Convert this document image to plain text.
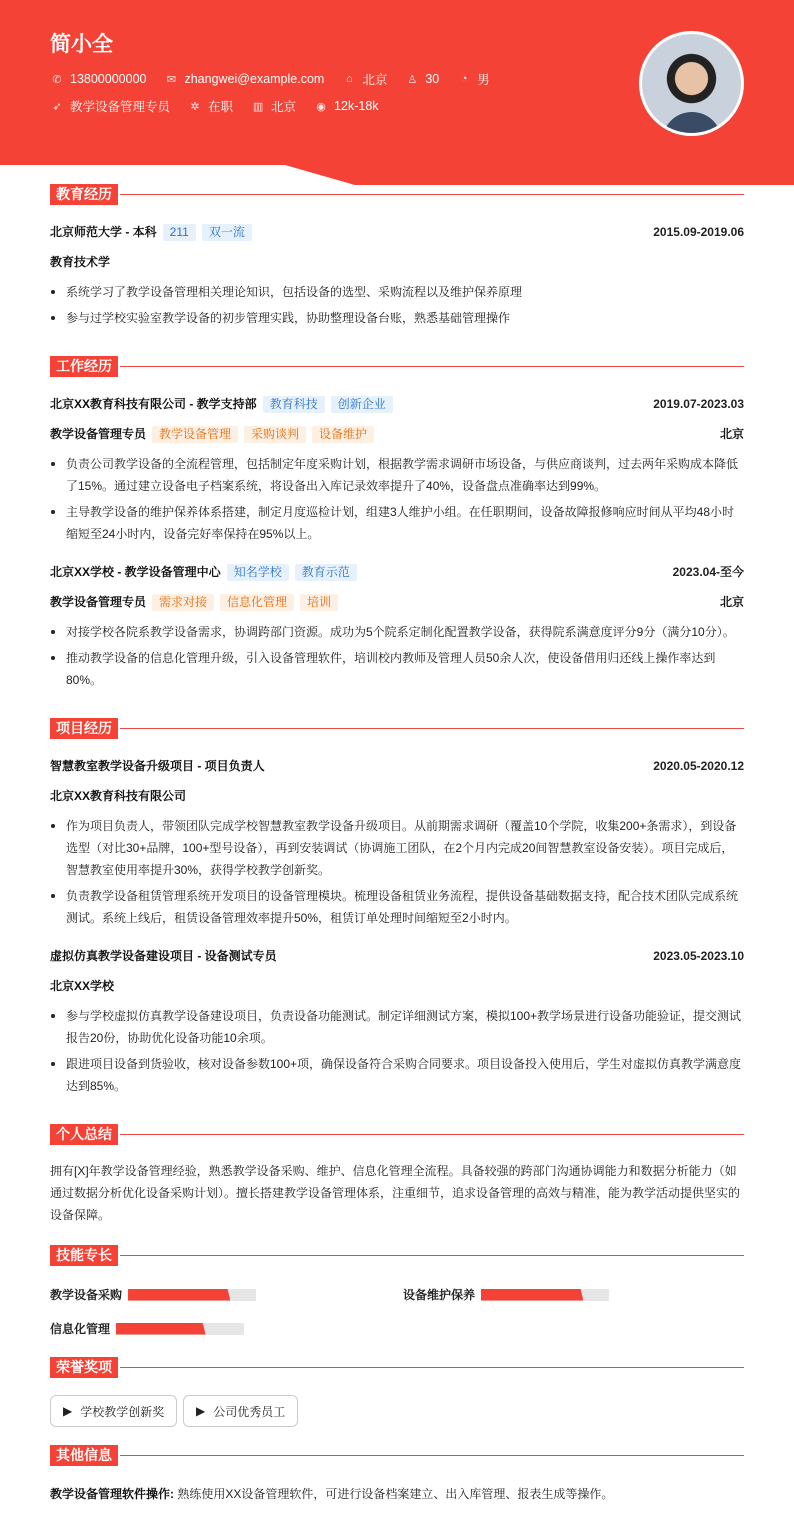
简小全
✆ 13800000000 ✉ zhangwei@example.com	⌂ 北京 ♙ 30	◔ 男
➶ 教学设备管理专员 ✲ 在职 ▥ 北京 ◉ 12k-18k
教育经历
北京师范大学 - 本科 211 双一流	2015.09-2019.06
教育技术学
系统学习了教学设备管理相关理论知识，包括设备的选型、采购流程以及维护保养原理
参与过学校实验室教学设备的初步管理实践，协助整理设备台账，熟悉基础管理操作
工作经历
北京XX教育科技有限公司 - 教学支持部 教育科技 创新企业	2019.07-2023.03
教学设备管理专员 教学设备管理 采购谈判 设备维护	北京
负责公司教学设备的全流程管理，包括制定年度采购计划，根据教学需求调研市场设备，与供应商谈判，过去两年采购成本降低了15%。通过建立设备电子档案系统，将设备出入库记录效率提升了40%，设备盘点准确率达到99%。
主导教学设备的维护保养体系搭建，制定月度巡检计划，组建3人维护小组。在任职期间，设备故障报修响应时间从平均48小时缩短至24小时内，设备完好率保持在95%以上。
北京XX学校 - 教学设备管理中心 知名学校 教育示范	2023.04-至今
教学设备管理专员 需求对接 信息化管理 培训	北京
对接学校各院系教学设备需求，协调跨部门资源。成功为5个院系定制化配置教学设备，获得院系满意度评分9分（满分10分）。
推动教学设备的信息化管理升级，引入设备管理软件，培训校内教师及管理人员50余人次，使设备借用归还线上操作率达到80%。
项目经历
智慧教室教学设备升级项目 - 项目负责人	2020.05-2020.12
北京XX教育科技有限公司
作为项目负责人，带领团队完成学校智慧教室教学设备升级项目。从前期需求调研（覆盖10个学院，收集200+条需求），到设备选型（对比30+品牌，100+型号设备），再到安装调试（协调施工团队，在2个月内完成20间智慧教室设备安装）。项目完成后，智慧教室使用率提升30%，获得学校教学创新奖。
负责教学设备租赁管理系统开发项目的设备管理模块。梳理设备租赁业务流程，提供设备基础数据支持，配合技术团队完成系统测试。系统上线后，租赁设备管理效率提升50%，租赁订单处理时间缩短至2小时内。
虚拟仿真教学设备建设项目 - 设备测试专员	2023.05-2023.10
北京XX学校
参与学校虚拟仿真教学设备建设项目，负责设备功能测试。制定详细测试方案，模拟100+教学场景进行设备功能验证，提交测试报告20份，协助优化设备功能10余项。
跟进项目设备到货验收，核对设备参数100+项，确保设备符合采购合同要求。项目设备投入使用后，学生对虚拟仿真教学满意度达到85%。
个人总结
拥有[X]年教学设备管理经验，熟悉教学设备采购、维护、信息化管理全流程。具备较强的跨部门沟通协调能力和数据分析能力（如通过数据分析优化设备采购计划）。擅长搭建教学设备管理体系，注重细节，追求设备管理的高效与精准，能为教学活动提供坚实的设备保障。
技能专长
教学设备采购	设备维护保养
信息化管理
荣誉奖项
▶ 学校教学创新奖	▶ 公司优秀员工
其他信息
教学设备管理软件操作: 熟练使用XX设备管理软件，可进行设备档案建立、出入库管理、报表生成等操作。
